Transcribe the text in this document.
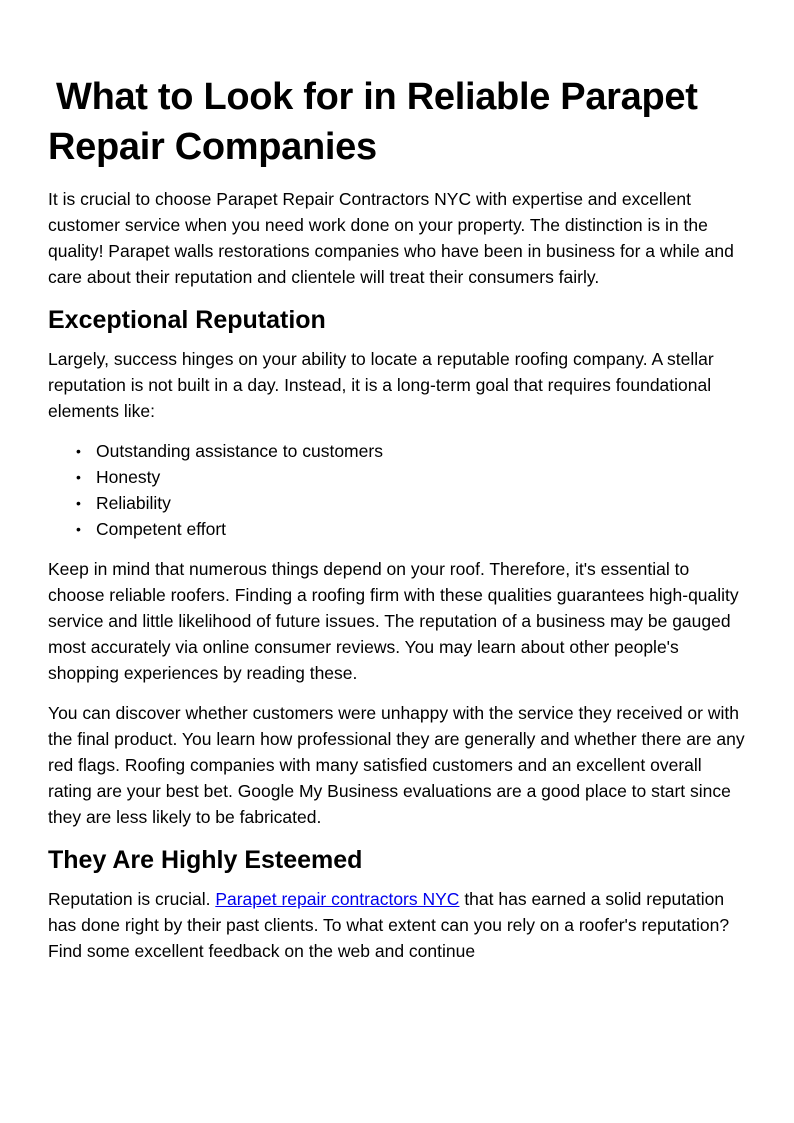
What to Look for in Reliable Parapet Repair Companies

It is crucial to choose Parapet Repair Contractors NYC with expertise and excellent customer service when you need work done on your property. The distinction is in the quality! Parapet walls restorations companies who have been in business for a while and care about their reputation and clientele will treat their consumers fairly.

Exceptional Reputation

Largely, success hinges on your ability to locate a reputable roofing company. A stellar reputation is not built in a day. Instead, it is a long-term goal that requires foundational elements like:

• Outstanding assistance to customers
• Honesty
• Reliability
• Competent effort

Keep in mind that numerous things depend on your roof. Therefore, it's essential to choose reliable roofers. Finding a roofing firm with these qualities guarantees high-quality service and little likelihood of future issues. The reputation of a business may be gauged most accurately via online consumer reviews. You may learn about other people's shopping experiences by reading these.

You can discover whether customers were unhappy with the service they received or with the final product. You learn how professional they are generally and whether there are any red flags. Roofing companies with many satisfied customers and an excellent overall rating are your best bet. Google My Business evaluations are a good place to start since they are less likely to be fabricated.

They Are Highly Esteemed

Reputation is crucial. Parapet repair contractors NYC that has earned a solid reputation has done right by their past clients. To what extent can you rely on a roofer's reputation? Find some excellent feedback on the web and continue
